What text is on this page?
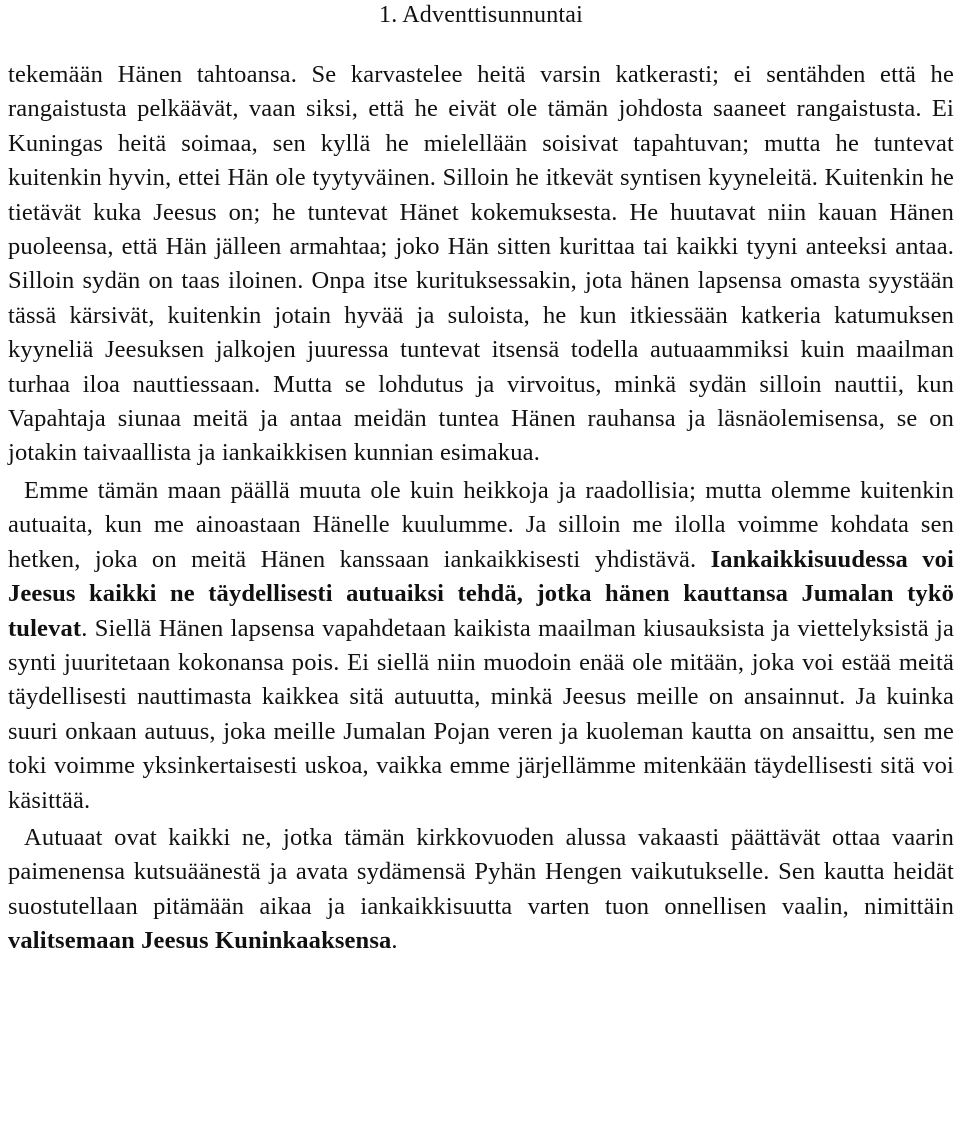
1. Adventtisunnuntai

tekemään Hänen tahtoansa. Se karvastelee heitä varsin katkerasti; ei sentähden että he rangaistusta pelkäävät, vaan siksi, että he eivät ole tämän johdosta saaneet rangaistusta. Ei Kuningas heitä soimaa, sen kyllä he mielellään soisivat tapahtuvan; mutta he tuntevat kuitenkin hyvin, ettei Hän ole tyytyväinen. Silloin he itkevät syntisen kyyneleitä. Kuitenkin he tietävät kuka Jeesus on; he tuntevat Hänet kokemuksesta. He huutavat niin kauan Hänen puoleensa, että Hän jälleen armahtaa; joko Hän sitten kurittaa tai kaikki tyyni anteeksi antaa. Silloin sydän on taas iloinen. Onpa itse kurituksessakin, jota hänen lapsensa omasta syystään tässä kärsivät, kuitenkin jotain hyvää ja suloista, he kun itkiessään katkeria katumuksen kyyneliä Jeesuksen jalkojen juuressa tuntevat itsensä todella autuaammiksi kuin maailman turhaa iloa nauttiessaan. Mutta se lohdutus ja virvoitus, minkä sydän silloin nauttii, kun Vapahtaja siunaa meitä ja antaa meidän tuntea Hänen rauhansa ja läsnäolemisensa, se on jotakin taivaallista ja iankaikkisen kunnian esimakua.

Emme tämän maan päällä muuta ole kuin heikkoja ja raadollisia; mutta olemme kuitenkin autuaita, kun me ainoastaan Hänelle kuulumme. Ja silloin me ilolla voimme kohdata sen hetken, joka on meitä Hänen kanssaan iankaikkisesti yhdistävä. Iankaikkisuudessa voi Jeesus kaikki ne täydellisesti autuaiksi tehdä, jotka hänen kauttansa Jumalan tykö tulevat. Siellä Hänen lapsensa vapahdetaan kaikista maailman kiusauksista ja viettelyksistä ja synti juuritetaan kokonansa pois. Ei siellä niin muodoin enää ole mitään, joka voi estää meitä täydellisesti nauttimasta kaikkea sitä autuutta, minkä Jeesus meille on ansainnut. Ja kuinka suuri onkaan autuus, joka meille Jumalan Pojan veren ja kuoleman kautta on ansaittu, sen me toki voimme yksinkertaisesti uskoa, vaikka emme järjellämme mitenkään täydellisesti sitä voi käsittää.

Autuaat ovat kaikki ne, jotka tämän kirkkovuoden alussa vakaasti päättävät ottaa vaarin paimenensa kutsuäänestä ja avata sydämensä Pyhän Hengen vaikutukselle. Sen kautta heidät suostutellaan pitämään aikaa ja iankaikkisuutta varten tuon onnellisen vaalin, nimittäin valitsemaan Jeesus Kuninkaaksensa.
